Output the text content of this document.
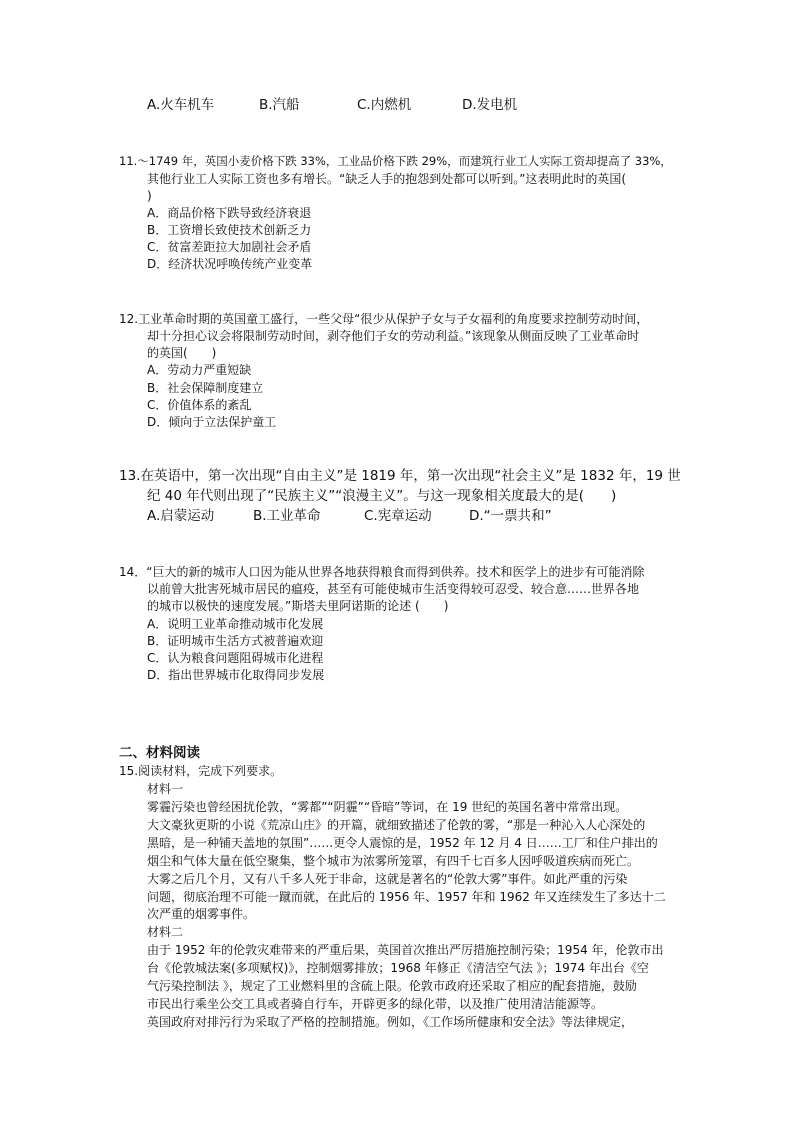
A.火车机车	B.汽船	C.内燃机	D.发电机
11.～1749 年，英国小麦价格下跌 33%，工业品价格下跌 29%，而建筑行业工人实际工资却提高了 33%，
其他行业工人实际工资也多有增长。“缺乏人手的抱怨到处都可以听到。”这表明此时的英国(
)
A．商品价格下跌导致经济衰退
B．工资增长致使技术创新乏力
C．贫富差距拉大加剧社会矛盾
D．经济状况呼唤传统产业变革
12.工业革命时期的英国童工盛行，一些父母“很少从保护子女与子女福利的角度要求控制劳动时间，
却十分担心议会将限制劳动时间，剥夺他们子女的劳动利益。”该现象从侧面反映了工业革命时
的英国(　　)
A．劳动力严重短缺
B．社会保障制度建立
C．价值体系的紊乱
D．倾向于立法保护童工
13.在英语中，第一次出现“自由主义”是 1819 年，第一次出现“社会主义”是 1832 年，19 世
纪 40 年代则出现了“民族主义”“浪漫主义”。与这一现象相关度最大的是(　　)
A.启蒙运动	B.工业革命	C.宪章运动	D.“一票共和”
14．“巨大的新的城市人口因为能从世界各地获得粮食而得到供养。技术和医学上的进步有可能消除
以前曾大批害死城市居民的瘟疫，甚至有可能使城市生活变得较可忍受、较合意……世界各地
的城市以极快的速度发展。”斯塔夫里阿诺斯的论述 (　　)
A．说明工业革命推动城市化发展
B．证明城市生活方式被普遍欢迎
C．认为粮食问题阻碍城市化进程
D．指出世界城市化取得同步发展
二、材料阅读
15.阅读材料，完成下列要求。
材料一
雾霾污染也曾经困扰伦敦，“雾都”“阴霾”“昏暗”等词，在 19 世纪的英国名著中常常出现。
大文豪狄更斯的小说《荒凉山庄》的开篇，就细致描述了伦敦的雾，“那是一种沁入人心深处的
黑暗，是一种铺天盖地的氛围”……更令人震惊的是，1952 年 12 月 4 日……工厂和住户排出的
烟尘和气体大量在低空聚集，整个城市为浓雾所笼罩，有四千七百多人因呼吸道疾病而死亡。
大雾之后几个月，又有八千多人死于非命，这就是著名的“伦敦大雾”事件。如此严重的污染
问题，彻底治理不可能一蹴而就，在此后的 1956 年、1957 年和 1962 年又连续发生了多达十二
次严重的烟雾事件。
材料二
由于 1952 年的伦敦灾难带来的严重后果，英国首次推出严厉措施控制污染；1954 年，伦敦市出
台《伦敦城法案(多项赋权)》，控制烟雾排放；1968 年修正《清洁空气法 》；1974 年出台《空
气污染控制法 》，规定了工业燃料里的含硫上限。伦敦市政府还采取了相应的配套措施，鼓励
市民出行乘坐公交工具或者骑自行车，开辟更多的绿化带，以及推广使用清洁能源等。
英国政府对排污行为采取了严格的控制措施。例如，《工作场所健康和安全法》等法律规定，
